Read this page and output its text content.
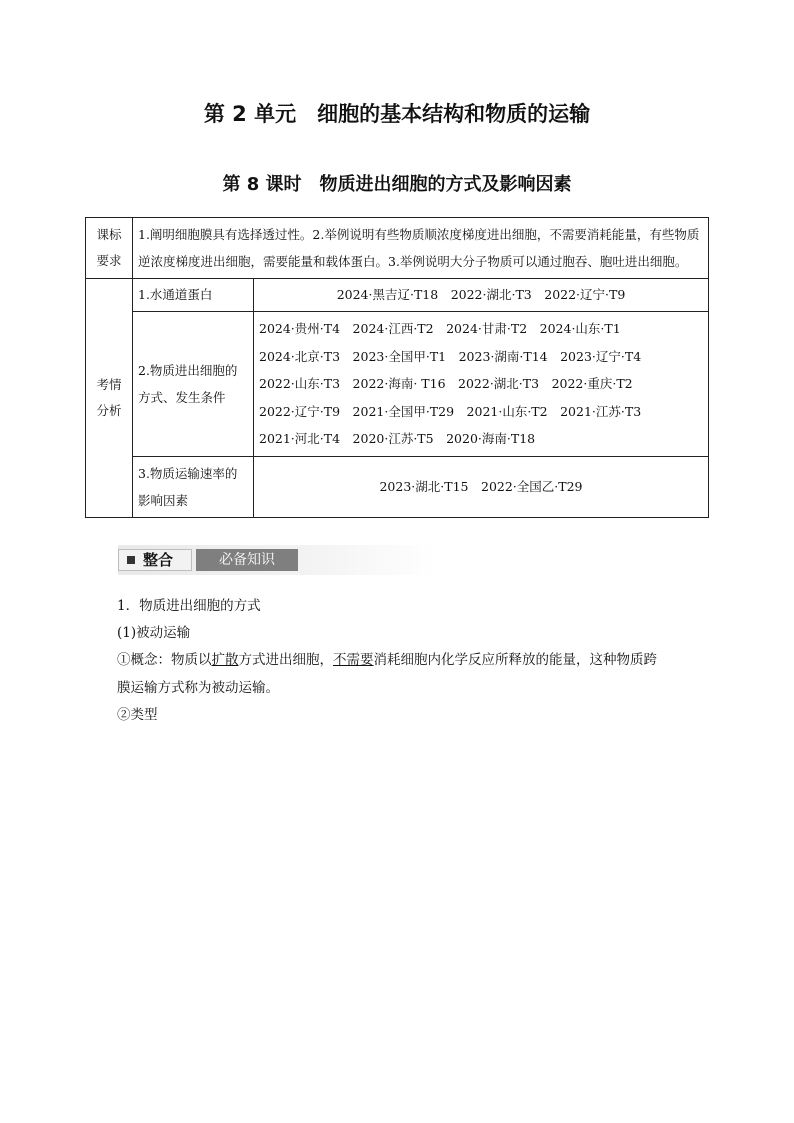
第 2 单元　细胞的基本结构和物质的运输
第 8 课时　物质进出细胞的方式及影响因素
课标
要求	1.阐明细胞膜具有选择透过性。2.举例说明有些物质顺浓度梯度进出细胞，不需要消耗能量，有些物质逆浓度梯度进出细胞，需要能量和载体蛋白。3.举例说明大分子物质可以通过胞吞、胞吐进出细胞。	

考情
分析	1.水通道蛋白	2024·黑吉辽·T18　2022·湖北·T3　2022·辽宁·T9

	2.物质进出细胞的方式、发生条件	2024·贵州·T4　2024·江西·T2　2024·甘肃·T2　2024·山东·T1
2024·北京·T3　2023·全国甲·T1　2023·湖南·T14　2023·辽宁·T4
2022·山东·T3　2022·海南· T16　2022·湖北·T3　2022·重庆·T2
2022·辽宁·T9　2021·全国甲·T29　2021·山东·T2　2021·江苏·T3
2021·河北·T4　2020·江苏·T5　2020·海南·T18

	3.物质运输速率的影响因素	2023·湖北·T15　2022·全国乙·T29
整合	必备知识
1．物质进出细胞的方式
(1)被动运输
①概念：物质以扩散方式进出细胞，不需要消耗细胞内化学反应所释放的能量，这种物质跨
膜运输方式称为被动运输。
②类型
